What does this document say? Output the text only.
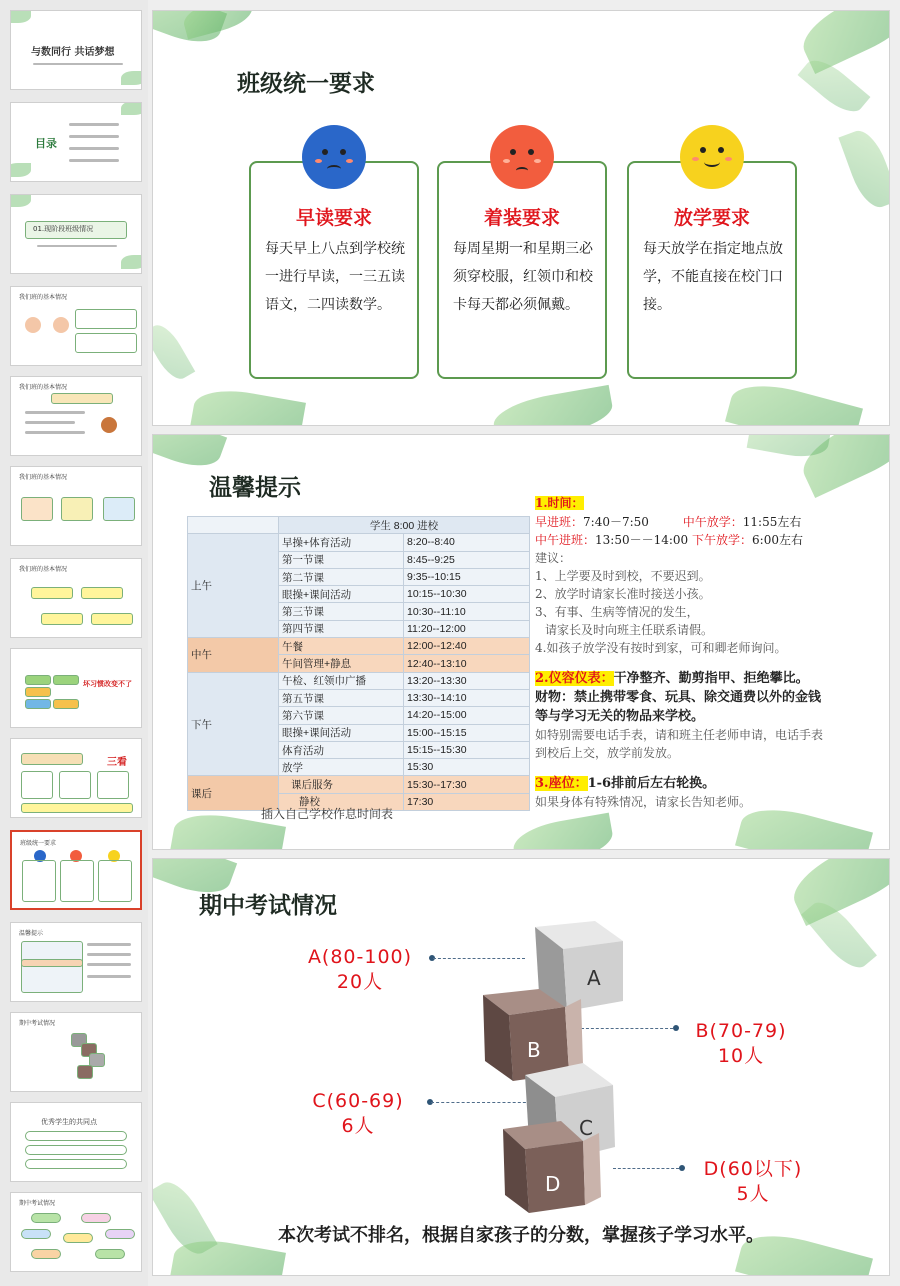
与数同行 共话梦想
目录
01.现阶段班级情况
我们班的基本情况
我们班的基本情况
我们班的基本情况
我们班的基本情况
坏习惯改变不了
三看
班级统一要求
温馨提示
期中考试情况
优秀学生的共同点
期中考试情况
班级统一要求
早读要求

每天早上八点到学校统一进行早读，一三五读语文，二四读数学。

着装要求

每周星期一和星期三必须穿校服，红领巾和校卡每天都必须佩戴。

放学要求

每天放学在指定地点放学，不能直接在校门口接。

温馨提示
	学生 8:00 进校	
上午	早操+体育活动	8:20--8:40
	第一节课	8:45--9:25
	第二节课	9:35--10:15
	眼操+课间活动	10:15--10:30
	第三节课	10:30--11:10
	第四节课	11:20--12:00
中午	午餐	12:00--12:40
	午间管理+静息	12:40--13:10
下午	午检、红领巾广播	13:20--13:30
	第五节课	13:30--14:10
	第六节课	14:20--15:00
	眼操+课间活动	15:00--15:15
	体育活动	15:15--15:30
	放学	15:30
课后	课后服务	15:30--17:30
	静校	17:30
插入自己学校作息时间表
1.时间：
早进班：7:40－7:50	中午放学：11:55左右
中午进班：13:50－－14:00 下午放学：6:00左右
建议：
1、上学要及时到校，不要迟到。
2、放学时请家长准时接送小孩。
3、有事、生病等情况的发生，
请家长及时向班主任联系请假。
4.如孩子放学没有按时到家，可和卿老师询问。
2.仪容仪表：干净整齐、勤剪指甲、拒绝攀比。
财物：禁止携带零食、玩具、除交通费以外的金钱
等与学习无关的物品来学校。
如特别需要电话手表，请和班主任老师申请，电话手表
到校后上交，放学前发放。
3.座位：1-6排前后左右轮换。
如果身体有特殊情况，请家长告知老师。
期中考试情况
A(80-100)
20人
B(70-79)
10人
C(60-69)
6人
D(60以下)
5人
A
B
C
D
本次考试不排名，根据自家孩子的分数，掌握孩子学习水平。
